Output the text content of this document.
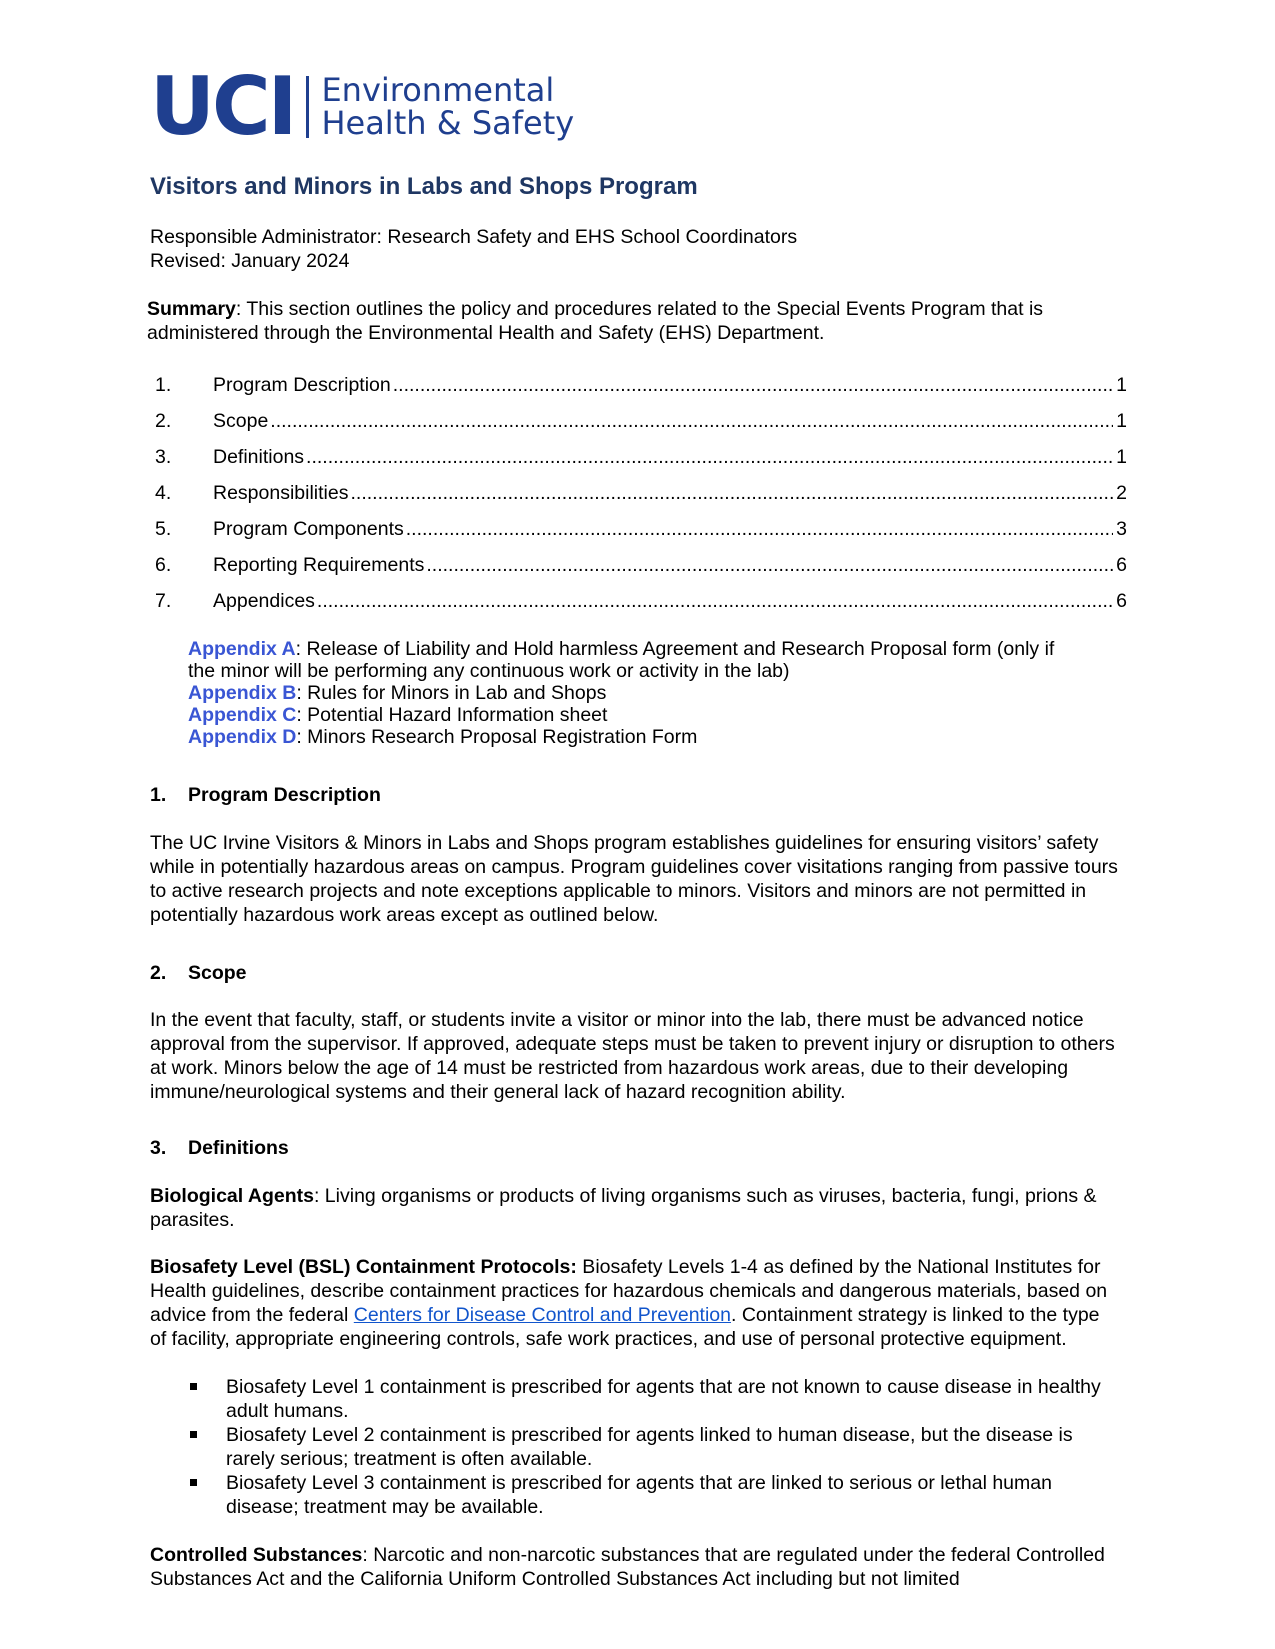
UCI Environmental
Health & Safety
Visitors and Minors in Labs and Shops Program
Responsible Administrator: Research Safety and EHS School Coordinators
Revised: January 2024
Summary: This section outlines the policy and procedures related to the Special Events Program that is administered through the Environmental Health and Safety (EHS) Department.
1.	Program Description .....	1
2.	Scope .....	1
3.	Definitions .....	1
4.	Responsibilities .....	2
5.	Program Components .....	3
6.	Reporting Requirements .....	6
7.	Appendices .....	6
Appendix A: Release of Liability and Hold harmless Agreement and Research Proposal form (only if the minor will be performing any continuous work or activity in the lab)
Appendix B: Rules for Minors in Lab and Shops
Appendix C: Potential Hazard Information sheet
Appendix D: Minors Research Proposal Registration Form
1.	Program Description
The UC Irvine Visitors & Minors in Labs and Shops program establishes guidelines for ensuring visitors’ safety while in potentially hazardous areas on campus. Program guidelines cover visitations ranging from passive tours to active research projects and note exceptions applicable to minors. Visitors and minors are not permitted in potentially hazardous work areas except as outlined below.
2.	Scope
In the event that faculty, staff, or students invite a visitor or minor into the lab, there must be advanced notice approval from the supervisor. If approved, adequate steps must be taken to prevent injury or disruption to others at work. Minors below the age of 14 must be restricted from hazardous work areas, due to their developing immune/neurological systems and their general lack of hazard recognition ability.
3.	Definitions
Biological Agents: Living organisms or products of living organisms such as viruses, bacteria, fungi, prions & parasites.
Biosafety Level (BSL) Containment Protocols: Biosafety Levels 1-4 as defined by the National Institutes for Health guidelines, describe containment practices for hazardous chemicals and dangerous materials, based on advice from the federal Centers for Disease Control and Prevention. Containment strategy is linked to the type of facility, appropriate engineering controls, safe work practices, and use of personal protective equipment.
Biosafety Level 1 containment is prescribed for agents that are not known to cause disease in healthy adult humans.
Biosafety Level 2 containment is prescribed for agents linked to human disease, but the disease is rarely serious; treatment is often available.
Biosafety Level 3 containment is prescribed for agents that are linked to serious or lethal human disease; treatment may be available.
Controlled Substances: Narcotic and non-narcotic substances that are regulated under the federal Controlled Substances Act and the California Uniform Controlled Substances Act including but not limited
